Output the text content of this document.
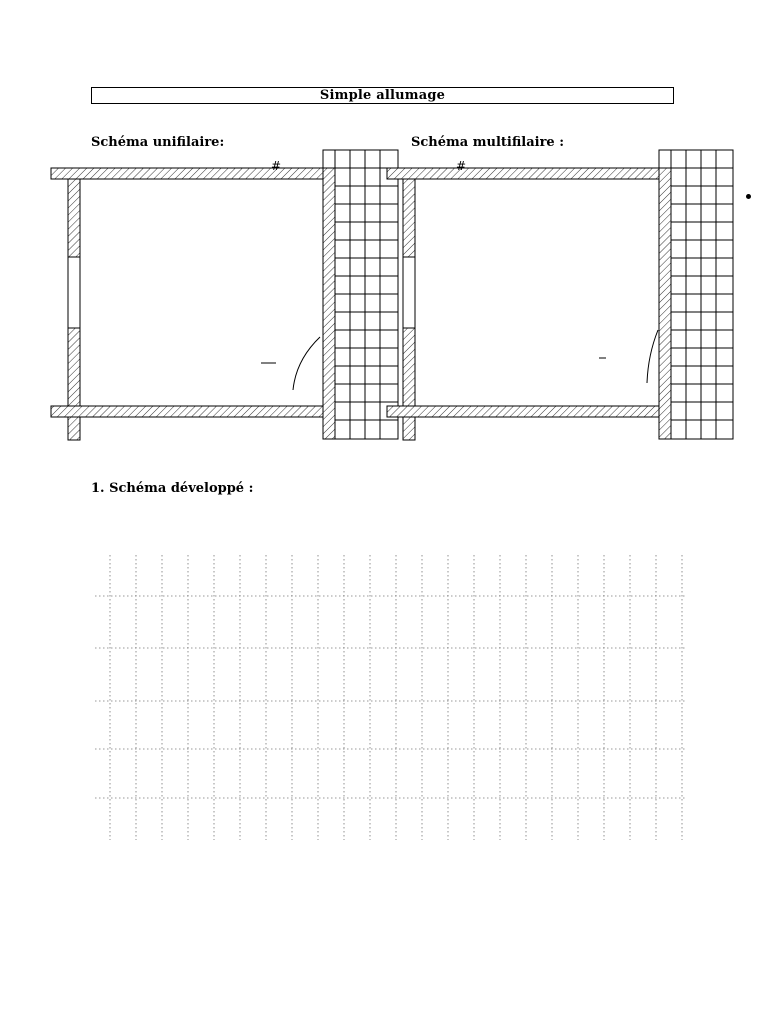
Simple allumage
Schéma unifilaire:	Schéma multifilaire :
1. Schéma développé :
#	#
